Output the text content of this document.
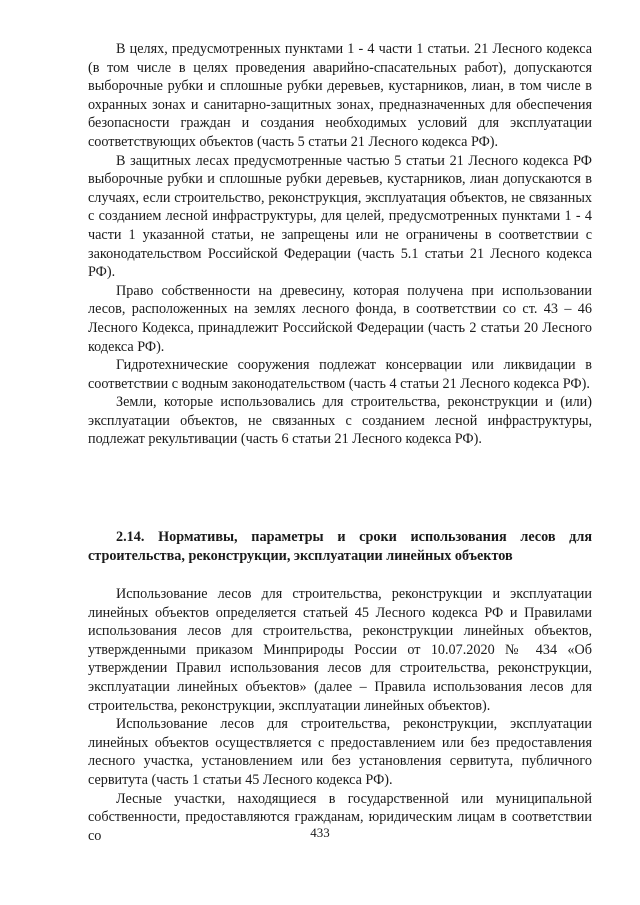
В целях, предусмотренных пунктами 1 - 4 части 1 статьи. 21 Лесного кодекса (в том числе в целях проведения аварийно-спасательных работ), допускаются выборочные рубки и сплошные рубки деревьев, кустарников, лиан, в том числе в охранных зонах и санитарно-защитных зонах, предназначенных для обеспечения безопасности граждан и создания необходимых условий для эксплуатации соответствующих объектов (часть 5 статьи 21 Лесного кодекса РФ).

В защитных лесах предусмотренные частью 5 статьи 21 Лесного кодекса РФ выборочные рубки и сплошные рубки деревьев, кустарников, лиан допускаются в случаях, если строительство, реконструкция, эксплуатация объектов, не связанных с созданием лесной инфраструктуры, для целей, предусмотренных пунктами 1 - 4 части 1 указанной статьи, не запрещены или не ограничены в соответствии с законодательством Российской Федерации (часть 5.1 статьи 21 Лесного кодекса РФ).

Право собственности на древесину, которая получена при использовании лесов, расположенных на землях лесного фонда, в соответствии со ст. 43 – 46 Лесного Кодекса, принадлежит Российской Федерации (часть 2 статьи 20 Лесного кодекса РФ).

Гидротехнические сооружения подлежат консервации или ликвидации в соответствии с водным законодательством (часть 4 статьи 21 Лесного кодекса РФ).

Земли, которые использовались для строительства, реконструкции и (или) эксплуатации объектов, не связанных с созданием лесной инфраструктуры, подлежат рекультивации (часть 6 статьи 21 Лесного кодекса РФ).

2.14. Нормативы, параметры и сроки использования лесов для строительства, реконструкции, эксплуатации линейных объектов

Использование лесов для строительства, реконструкции и эксплуатации линейных объектов определяется статьей 45 Лесного кодекса РФ и Правилами использования лесов для строительства, реконструкции линейных объектов, утвержденными приказом Минприроды России от 10.07.2020 № 434 «Об утверждении Правил использования лесов для строительства, реконструкции, эксплуатации линейных объектов» (далее – Правила использования лесов для строительства, реконструкции, эксплуатации линейных объектов).

Использование лесов для строительства, реконструкции, эксплуатации линейных объектов осуществляется с предоставлением или без предоставления лесного участка, установлением или без установления сервитута, публичного сервитута (часть 1 статьи 45 Лесного кодекса РФ).

Лесные участки, находящиеся в государственной или муниципальной собственности, предоставляются гражданам, юридическим лицам в соответствии со	433
